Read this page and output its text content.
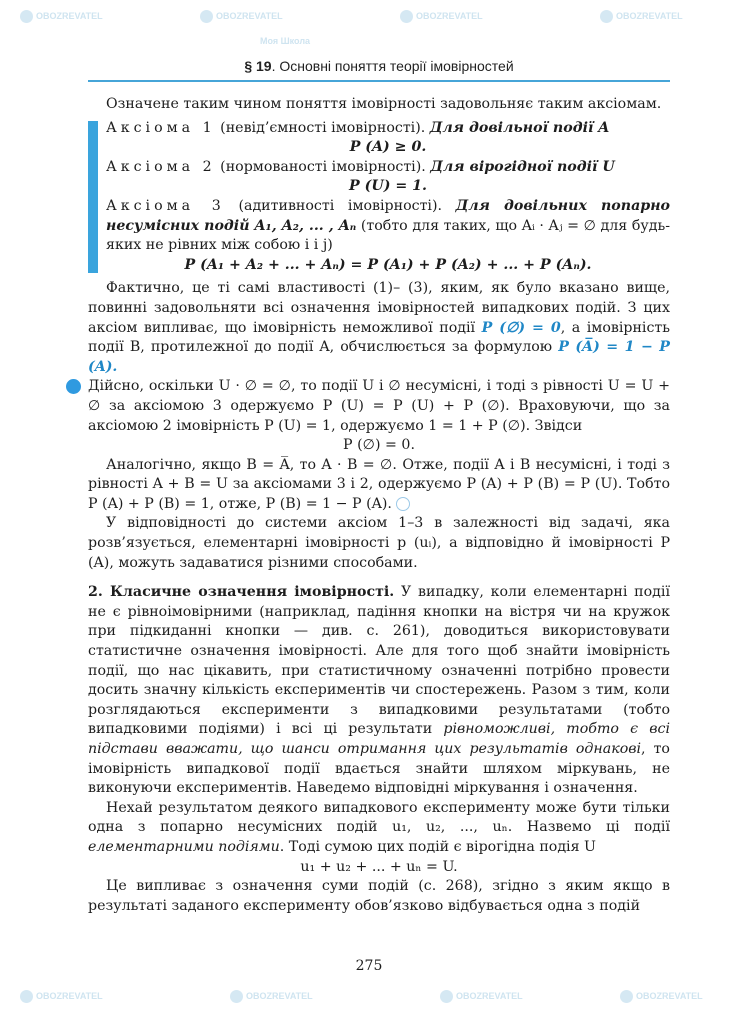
OBOZREVATEL	OBOZREVATEL	OBOZREVATEL	OBOZREVATEL
Моя Школа
OBOZREVATEL	OBOZREVATEL	OBOZREVATEL	OBOZREVATEL
§ 19. Основні поняття теорії імовірностей

Означене таким чином поняття імовірності задовольняє таким аксіомам.

Аксіома 1 (невід’ємності імовірності). Для довільної події A

P (A) ≥ 0.

Аксіома 2 (нормованості імовірності). Для вірогідної події U

P (U) = 1.

Аксіома 3 (адитивності імовірності). Для довільних попарно несумісних подій A₁, A₂, ... , Aₙ (тобто для таких, що Aᵢ · Aⱼ = ∅ для будь-яких не рівних між собою i і j)

P (A₁ + A₂ + ... + Aₙ) = P (A₁) + P (A₂) + ... + P (Aₙ).

Фактично, це ті самі властивості (1)– (3), яким, як було вказано вище, повинні задовольняти всі означення імовірностей випадкових подій. З цих аксіом випливає, що імовірність неможливої події P (∅) = 0, а імовірність події B, протилежної до події A, обчислюється за формулою P (A̅) = 1 − P (A).

Дійсно, оскільки U · ∅ = ∅, то події U і ∅ несумісні, і тоді з рівності U = U + ∅ за аксіомою 3 одержуємо P (U) = P (U) + P (∅). Враховуючи, що за аксіомою 2 імовірність P (U) = 1, одержуємо 1 = 1 + P (∅). Звідси

P (∅) = 0.

Аналогічно, якщо B = A̅, то A · B = ∅. Отже, події A і B несумісні, і тоді з рівності A + B = U за аксіомами 3 і 2, одержуємо P (A) + P (B) = P (U). Тобто P (A) + P (B) = 1, отже, P (B) = 1 − P (A).

У відповідності до системи аксіом 1–3 в залежності від задачі, яка розв’язується, елементарні імовірності p (uᵢ), а відповідно й імовірності P (A), можуть задаватися різними способами.

2. Класичне означення імовірності. У випадку, коли елементарні події не є рівноімовірними (наприклад, падіння кнопки на вістря чи на кружок при підкиданні кнопки — див. с. 261), доводиться використовувати статистичне означення імовірності. Але для того щоб знайти імовірність події, що нас цікавить, при статистичному означенні потрібно провести досить значну кількість експериментів чи спостережень. Разом з тим, коли розглядаються експерименти з випадковими результатами (тобто випадковими подіями) і всі ці результати рівноможливі, тобто є всі підстави вважати, що шанси отримання цих результатів однакові, то імовірність випадкової події вдається знайти шляхом міркувань, не виконуючи експериментів. Наведемо відповідні міркування і означення.

Нехай результатом деякого випадкового експерименту може бути тільки одна з попарно несумісних подій u₁, u₂, ..., uₙ. Назвемо ці події елементарними подіями. Тоді сумою цих подій є вірогідна подія U

u₁ + u₂ + ... + uₙ = U.

Це випливає з означення суми подій (с. 268), згідно з яким якщо в результаті заданого експерименту обов’язково відбувається одна з подій

275
